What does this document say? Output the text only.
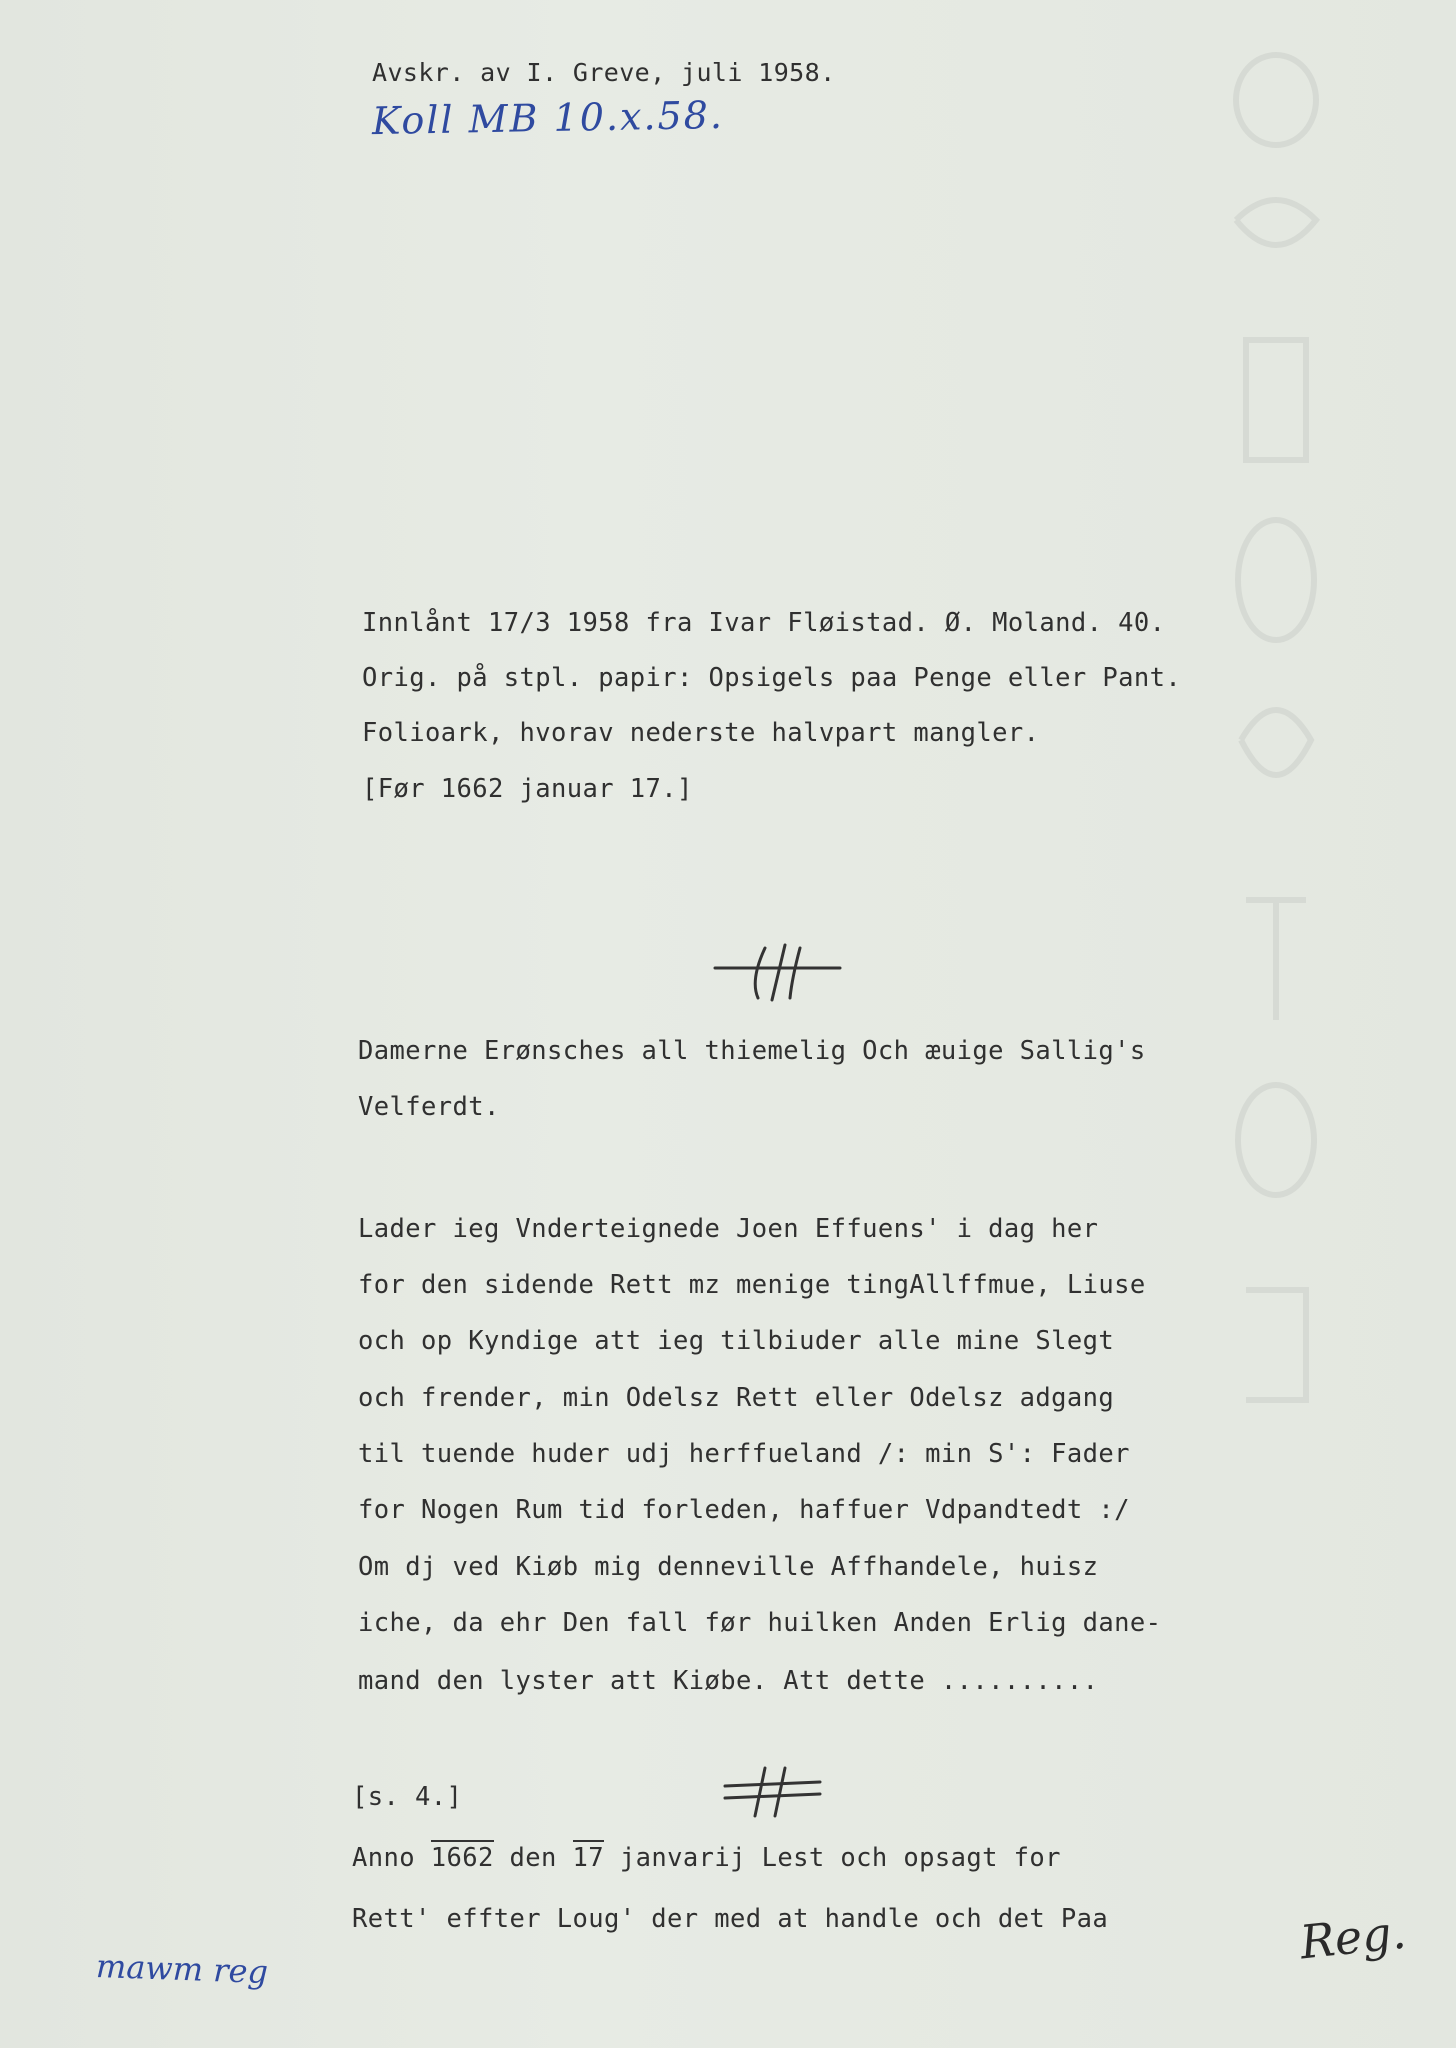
Avskr. av I. Greve, juli 1958.
Koll MB 10.x.58.
Innlånt 17/3 1958 fra Ivar Fløistad. Ø. Moland. 40.
Orig. på stpl. papir: Opsigels paa Penge eller Pant.
Folioark, hvorav nederste halvpart mangler.
[Før 1662 januar 17.]
Damerne Erønsches all thiemelig Och æuige Sallig's
Velferdt.
Lader ieg Vnderteignede Joen Effuens' i dag her
for den sidende Rett mz menige tingAllffmue, Liuse
och op Kyndige att ieg tilbiuder alle mine Slegt
och frender, min Odelsz Rett eller Odelsz adgang
til tuende huder udj herffueland /: min S': Fader
for Nogen Rum tid forleden, haffuer Vdpandtedt :/
Om dj ved Kiøb mig denneville Affhandele, huisz
iche, da ehr Den fall før huilken Anden Erlig dane-
mand den lyster att Kiøbe. Att dette ..........
[s. 4.]
Anno 1662 den 17 janvarij Lest och opsagt for
Rett' effter Loug' der med at handle och det Paa
mawm reg	Reg.
